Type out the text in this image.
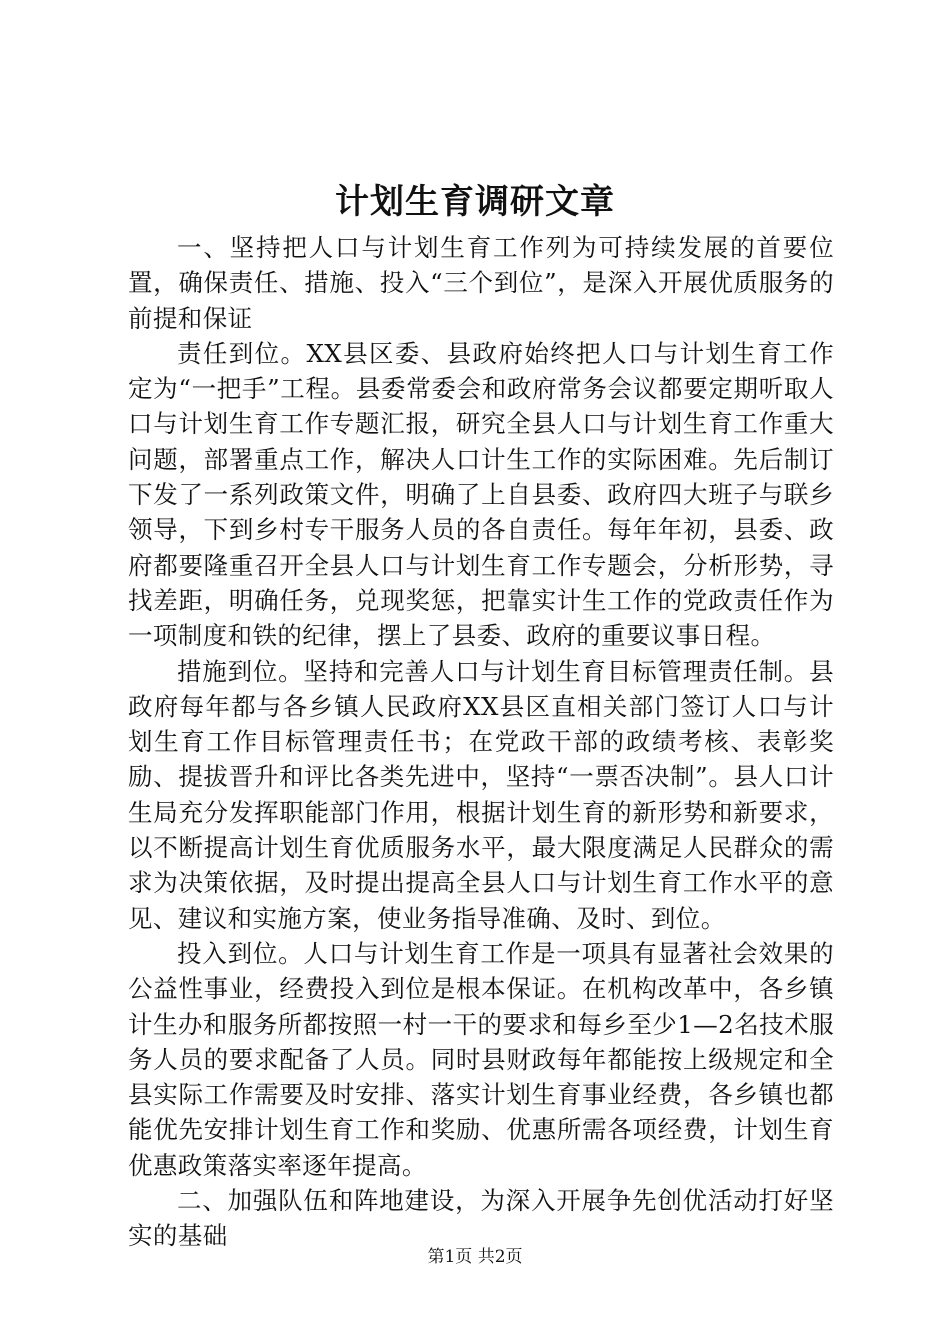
计划生育调研文章

一、坚持把人口与计划生育工作列为可持续发展的首要位置，确保责任、措施、投入“三个到位”，是深入开展优质服务的前提和保证

责任到位。XX县区委、县政府始终把人口与计划生育工作定为“一把手”工程。县委常委会和政府常务会议都要定期听取人口与计划生育工作专题汇报，研究全县人口与计划生育工作重大问题，部署重点工作，解决人口计生工作的实际困难。先后制订下发了一系列政策文件，明确了上自县委、政府四大班子与联乡领导，下到乡村专干服务人员的各自责任。每年年初，县委、政府都要隆重召开全县人口与计划生育工作专题会，分析形势，寻找差距，明确任务，兑现奖惩，把靠实计生工作的党政责任作为一项制度和铁的纪律，摆上了县委、政府的重要议事日程。

措施到位。坚持和完善人口与计划生育目标管理责任制。县政府每年都与各乡镇人民政府XX县区直相关部门签订人口与计划生育工作目标管理责任书；在党政干部的政绩考核、表彰奖励、提拔晋升和评比各类先进中，坚持“一票否决制”。县人口计生局充分发挥职能部门作用，根据计划生育的新形势和新要求，以不断提高计划生育优质服务水平，最大限度满足人民群众的需求为决策依据，及时提出提高全县人口与计划生育工作水平的意见、建议和实施方案，使业务指导准确、及时、到位。

投入到位。人口与计划生育工作是一项具有显著社会效果的公益性事业，经费投入到位是根本保证。在机构改革中，各乡镇计生办和服务所都按照一村一干的要求和每乡至少1—2名技术服务人员的要求配备了人员。同时县财政每年都能按上级规定和全县实际工作需要及时安排、落实计划生育事业经费，各乡镇也都能优先安排计划生育工作和奖励、优惠所需各项经费，计划生育优惠政策落实率逐年提高。

二、加强队伍和阵地建设，为深入开展争先创优活动打好坚实的基础

第1页 共2页
